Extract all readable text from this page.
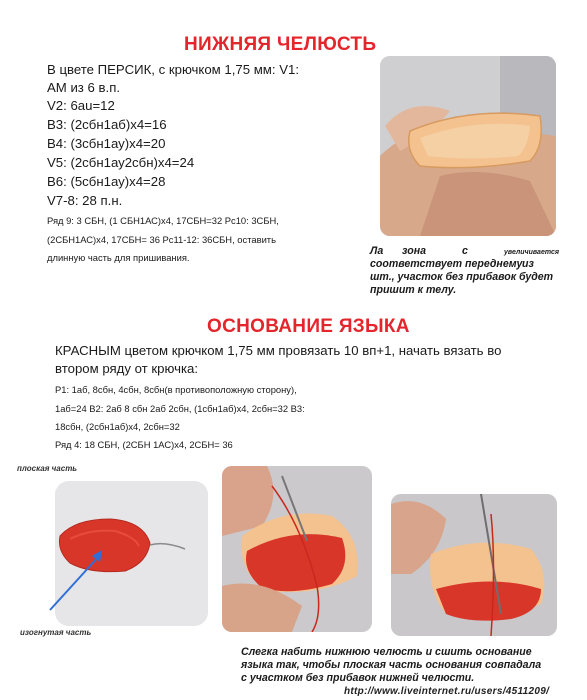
НИЖНЯЯ ЧЕЛЮСТЬ
В цвете ПЕРСИК, с крючком 1,75 мм: V1:
АМ из 6 в.п.
V2: 6au=12
В3: (2сбн1аб)х4=16
В4: (3сбн1ау)х4=20
V5: (2сбн1ау2сбн)х4=24
В6: (5сбн1ау)х4=28
V7-8: 28 п.н.
Ряд 9: 3 СБН, (1 СБН1АС)х4, 17СБН=32 Рс10: 3СБН,
(2СБН1АС)х4, 17СБН= 36 Рс11-12: 36СБН, оставить
длинную часть для пришивания.
Ла зона	с	увеличивается
соответствует переднему из
шт., участок без прибавок будет
пришит к телу.
ОСНОВАНИЕ ЯЗЫКА
КРАСНЫМ цветом крючком 1,75 мм провязать 10 вп+1, начать вязать во
втором ряду от крючка:
Р1: 1аб, 8сбн, 4сбн, 8сбн(в противоположную сторону),
1аб=24 В2: 2аб 8 сбн 2аб 2сбн, (1сбн1аб)х4, 2сбн=32 В3:
18сбн, (2сбн1аб)х4, 2сбн=32
Ряд 4: 18 СБН, (2СБН 1АС)х4, 2СБН= 36
плоская часть
изогнутая часть
Слегка набить нижнюю челюсть и сшить основание
языка так, чтобы плоская часть основания совпадала
с участком без прибавок нижней челюсти.
http://www.liveinternet.ru/users/4511209/
